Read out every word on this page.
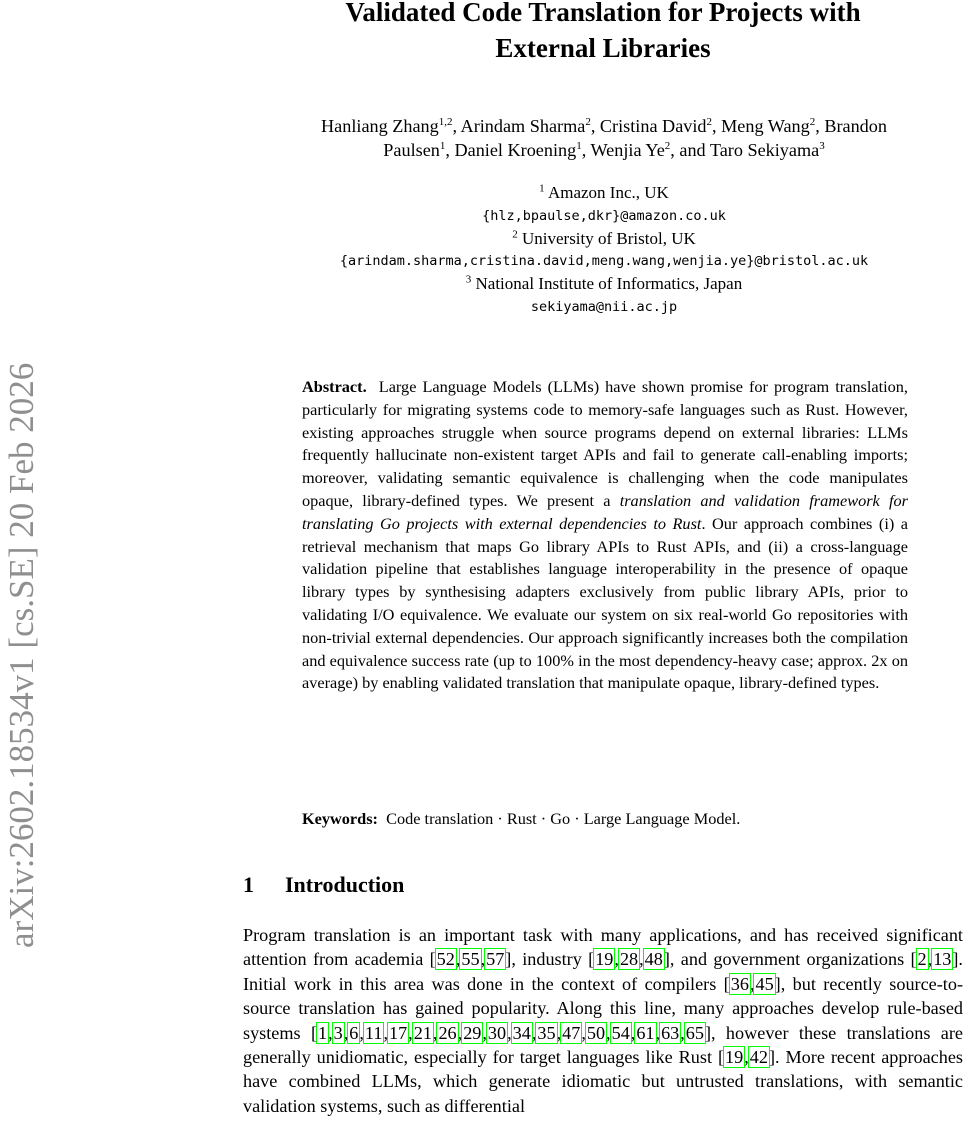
arXiv:2602.18534v1 [cs.SE] 20 Feb 2026
Validated Code Translation for Projects with
External Libraries
Hanliang Zhang$^{1,2}$, Arindam Sharma$^2$, Cristina David$^2$, Meng Wang$^2$, Brandon
Paulsen$^1$, Daniel Kroening$^1$, Wenjia Ye$^2$, and Taro Sekiyama$^3$
$^1$ Amazon Inc., UK
{hlz,bpaulse,dkr}@amazon.co.uk
$^2$ University of Bristol, UK
{arindam.sharma,cristina.david,meng.wang,wenjia.ye}@bristol.ac.uk
$^3$ National Institute of Informatics, Japan
sekiyama@nii.ac.jp
Abstract. Large Language Models (LLMs) have shown promise for program translation, particularly for migrating systems code to memory-safe languages such as Rust. However, existing approaches struggle when source programs depend on external libraries: LLMs frequently hallucinate non-existent target APIs and fail to generate call-enabling imports; moreover, validating semantic equivalence is challenging when the code manipulates opaque, library-defined types. We present a translation and validation framework for translating Go projects with external dependencies to Rust. Our approach combines (i) a retrieval mechanism that maps Go library APIs to Rust APIs, and (ii) a cross-language validation pipeline that establishes language interoperability in the presence of opaque library types by synthesising adapters exclusively from public library APIs, prior to validating I/O equivalence. We evaluate our system on six real-world Go repositories with non-trivial external dependencies. Our approach significantly increases both the compilation and equivalence success rate (up to 100% in the most dependency-heavy case; approx. 2x on average) by enabling validated translation that manipulate opaque, library-defined types.
Keywords: Code translation · Rust · Go · Large Language Model.
1 Introduction
Program translation is an important task with many applications, and has received significant attention from academia [52,55,57], industry [19,28,48], and government organizations [2,13]. Initial work in this area was done in the context of compilers [36,45], but recently source-to-source translation has gained popularity. Along this line, many approaches develop rule-based systems [1,3,6,11,17,21,26,29,30,34,35,47,50,54,61,63,65], however these translations are generally unidiomatic, especially for target languages like Rust [19,42]. More recent approaches have combined LLMs, which generate idiomatic but untrusted translations, with semantic validation systems, such as differential
